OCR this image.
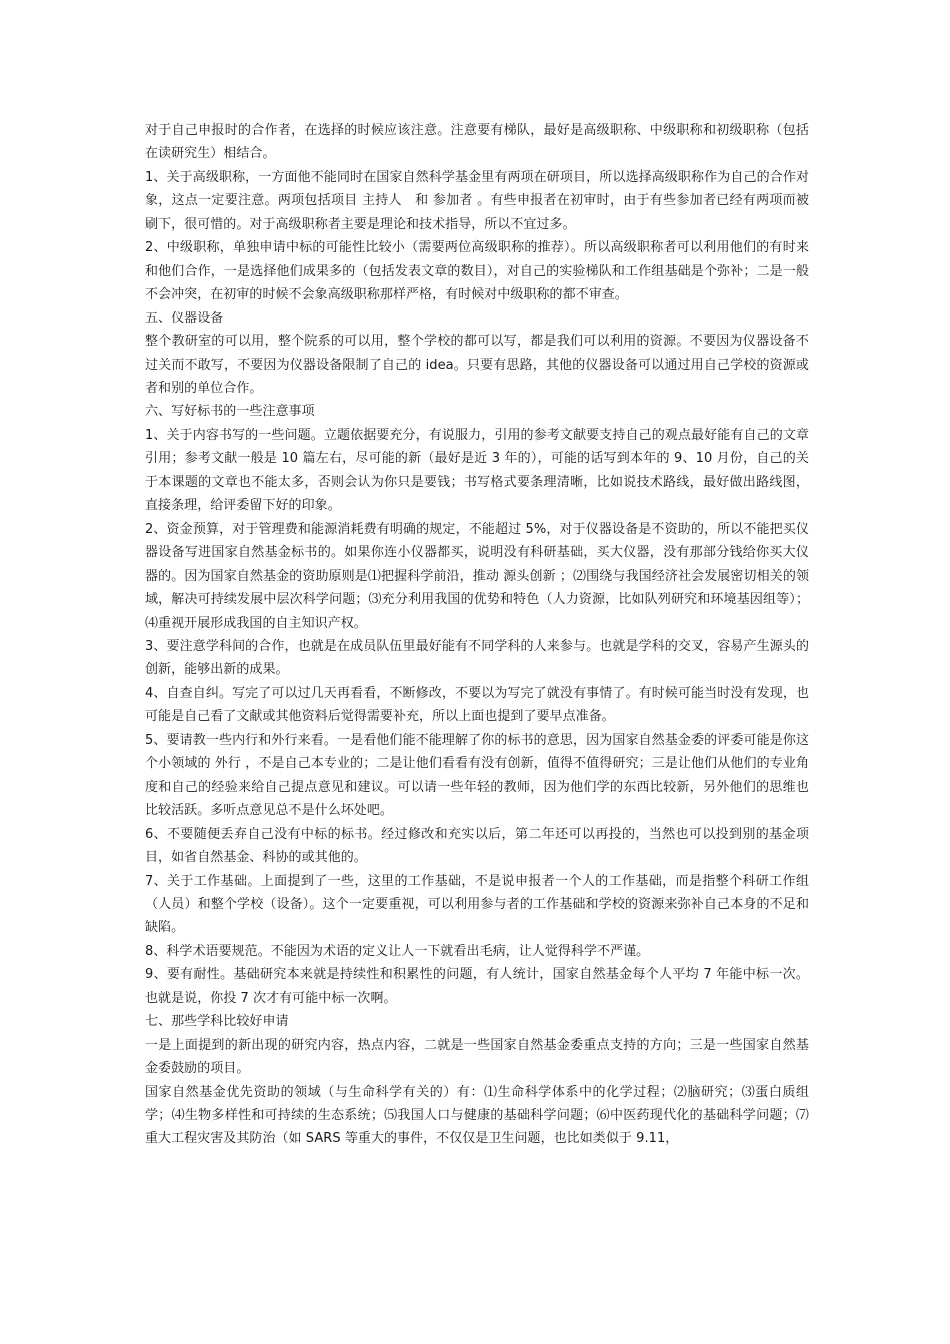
对于自己申报时的合作者，在选择的时候应该注意。注意要有梯队，最好是高级职称、中级职称和初级职称（包括在读研究生）相结合。

1、关于高级职称，一方面他不能同时在国家自然科学基金里有两项在研项目，所以选择高级职称作为自己的合作对象，这点一定要注意。两项包括项目 主持人　和 参加者 。有些申报者在初审时，由于有些参加者已经有两项而被刷下，很可惜的。对于高级职称者主要是理论和技术指导，所以不宜过多。

2、中级职称，单独申请中标的可能性比较小（需要两位高级职称的推荐）。所以高级职称者可以利用他们的有时来和他们合作，一是选择他们成果多的（包括发表文章的数目），对自己的实验梯队和工作组基础是个弥补；二是一般不会冲突，在初审的时候不会象高级职称那样严格，有时候对中级职称的都不审查。

五、仪器设备

整个教研室的可以用，整个院系的可以用，整个学校的都可以写，都是我们可以利用的资源。不要因为仪器设备不过关而不敢写，不要因为仪器设备限制了自己的 idea。只要有思路，其他的仪器设备可以通过用自己学校的资源或者和别的单位合作。

六、写好标书的一些注意事项

1、关于内容书写的一些问题。立题依据要充分，有说服力，引用的参考文献要支持自己的观点最好能有自己的文章引用；参考文献一般是 10 篇左右，尽可能的新（最好是近 3 年的），可能的话写到本年的 9、10 月份，自己的关于本课题的文章也不能太多，否则会认为你只是要钱；书写格式要条理清晰，比如说技术路线，最好做出路线图，直接条理，给评委留下好的印象。

2、资金预算，对于管理费和能源消耗费有明确的规定，不能超过 5%，对于仪器设备是不资助的，所以不能把买仪器设备写进国家自然基金标书的。如果你连小仪器都买，说明没有科研基础，买大仪器，没有那部分钱给你买大仪器的。因为国家自然基金的资助原则是⑴把握科学前沿，推动 源头创新 ；⑵围绕与我国经济社会发展密切相关的领域，解决可持续发展中层次科学问题；⑶充分利用我国的优势和特色（人力资源，比如队列研究和环境基因组等）；⑷重视开展形成我国的自主知识产权。

3、要注意学科间的合作，也就是在成员队伍里最好能有不同学科的人来参与。也就是学科的交叉，容易产生源头的创新，能够出新的成果。

4、自查自纠。写完了可以过几天再看看，不断修改，不要以为写完了就没有事情了。有时候可能当时没有发现，也可能是自己看了文献或其他资料后觉得需要补充，所以上面也提到了要早点准备。

5、要请教一些内行和外行来看。一是看他们能不能理解了你的标书的意思，因为国家自然基金委的评委可能是你这个小领域的 外行 ，不是自己本专业的；二是让他们看看有没有创新，值得不值得研究；三是让他们从他们的专业角度和自己的经验来给自己提点意见和建议。可以请一些年轻的教师，因为他们学的东西比较新，另外他们的思维也比较活跃。多听点意见总不是什么坏处吧。

6、不要随便丢弃自己没有中标的标书。经过修改和充实以后，第二年还可以再投的，当然也可以投到别的基金项目，如省自然基金、科协的或其他的。

7、关于工作基础。上面提到了一些，这里的工作基础，不是说申报者一个人的工作基础，而是指整个科研工作组（人员）和整个学校（设备）。这个一定要重视，可以利用参与者的工作基础和学校的资源来弥补自己本身的不足和缺陷。

8、科学术语要规范。不能因为术语的定义让人一下就看出毛病，让人觉得科学不严谨。

9、要有耐性。基础研究本来就是持续性和积累性的问题，有人统计，国家自然基金每个人平均 7 年能中标一次。也就是说，你投 7 次才有可能中标一次啊。

七、那些学科比较好申请

一是上面提到的新出现的研究内容，热点内容，二就是一些国家自然基金委重点支持的方向；三是一些国家自然基金委鼓励的项目。

国家自然基金优先资助的领域（与生命科学有关的）有：⑴生命科学体系中的化学过程；⑵脑研究；⑶蛋白质组学；⑷生物多样性和可持续的生态系统；⑸我国人口与健康的基础科学问题；⑹中医药现代化的基础科学问题；⑺重大工程灾害及其防治（如 SARS 等重大的事件，不仅仅是卫生问题，也比如类似于 9.11，
